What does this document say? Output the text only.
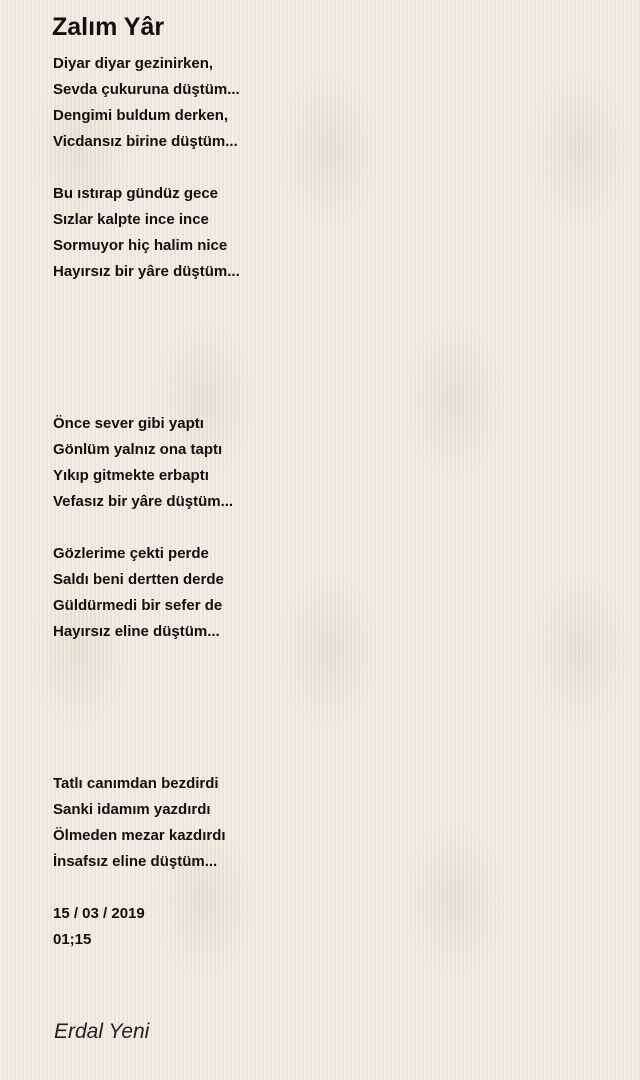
Zalım Yâr
Diyar diyar gezinirken,
Sevda çukuruna düştüm...
Dengimi buldum derken,
Vicdansız birine düştüm...
Bu ıstırap gündüz gece
Sızlar kalpte ince ince
Sormuyor hiç halim nice
Hayırsız bir yâre düştüm...
Önce sever gibi yaptı
Gönlüm yalnız ona taptı
Yıkıp gitmekte erbaptı
Vefasız bir yâre düştüm...
Gözlerime çekti perde
Saldı beni dertten derde
Güldürmedi bir sefer de
Hayırsız eline düştüm...
Tatlı canımdan bezdirdi
Sanki idamım yazdırdı
Ölmeden mezar kazdırdı
İnsafsız eline düştüm...
15 / 03 / 2019
01;15
Erdal Yeni
